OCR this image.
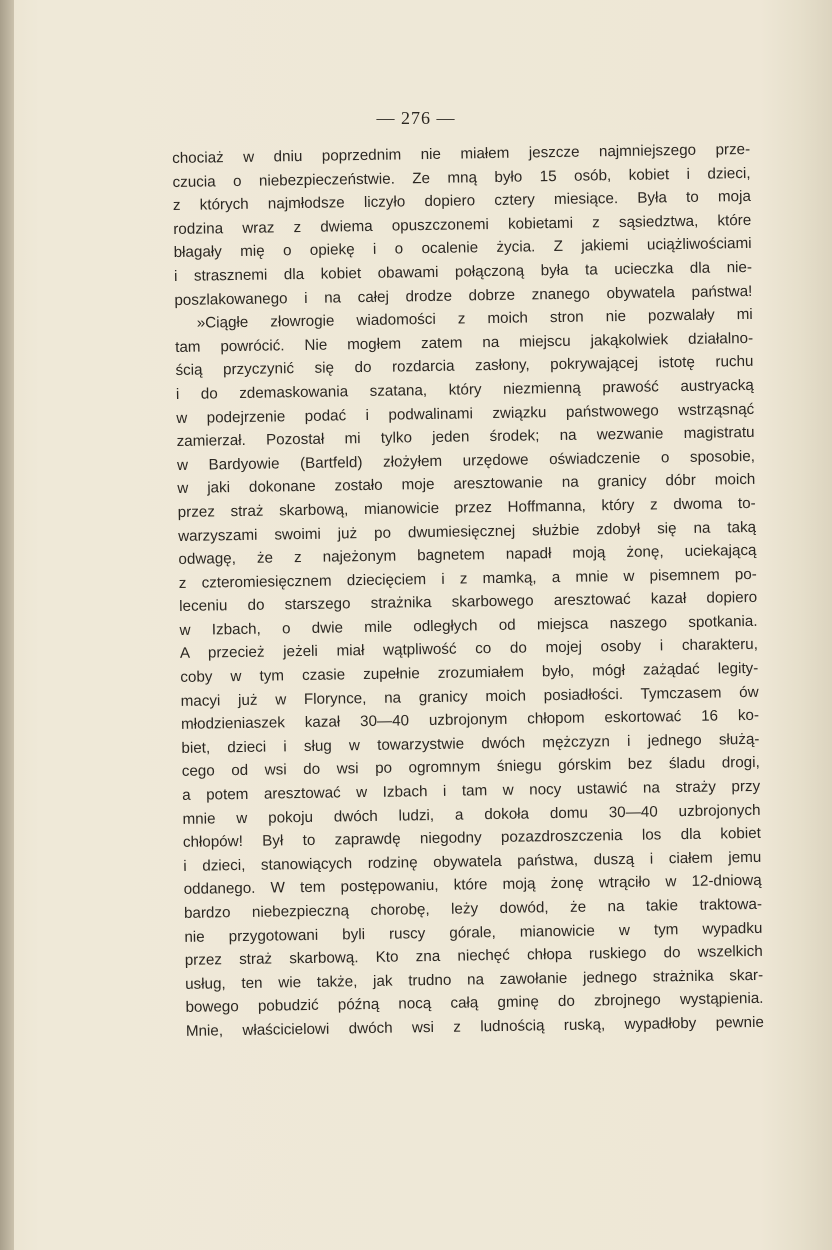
— 276 —
chociaż w dniu poprzednim nie miałem jeszcze najmniejszego prze-
czucia o niebezpieczeństwie. Ze mną było 15 osób, kobiet i dzieci,
z których najmłodsze liczyło dopiero cztery miesiące. Była to moja
rodzina wraz z dwiema opuszczonemi kobietami z sąsiedztwa, które
błagały mię o opiekę i o ocalenie życia. Z jakiemi uciążliwościami
i strasznemi dla kobiet obawami połączoną była ta ucieczka dla nie-
poszlakowanego i na całej drodze dobrze znanego obywatela państwa!
»Ciągłe złowrogie wiadomości z moich stron nie pozwalały mi
tam powrócić. Nie mogłem zatem na miejscu jakąkolwiek działalno-
ścią przyczynić się do rozdarcia zasłony, pokrywającej istotę ruchu
i do zdemaskowania szatana, który niezmienną prawość austryacką
w podejrzenie podać i podwalinami związku państwowego wstrząsnąć
zamierzał. Pozostał mi tylko jeden środek; na wezwanie magistratu
w Bardyowie (Bartfeld) złożyłem urzędowe oświadczenie o sposobie,
w jaki dokonane zostało moje aresztowanie na granicy dóbr moich
przez straż skarbową, mianowicie przez Hoffmanna, który z dwoma to-
warzyszami swoimi już po dwumiesięcznej służbie zdobył się na taką
odwagę, że z najeżonym bagnetem napadł moją żonę, uciekającą
z czteromiesięcznem dziecięciem i z mamką, a mnie w pisemnem po-
leceniu do starszego strażnika skarbowego aresztować kazał dopiero
w Izbach, o dwie mile odległych od miejsca naszego spotkania.
A przecież jeżeli miał wątpliwość co do mojej osoby i charakteru,
coby w tym czasie zupełnie zrozumiałem było, mógł zażądać legity-
macyi już w Florynce, na granicy moich posiadłości. Tymczasem ów
młodzieniaszek kazał 30—40 uzbrojonym chłopom eskortować 16 ko-
biet, dzieci i sług w towarzystwie dwóch mężczyzn i jednego służą-
cego od wsi do wsi po ogromnym śniegu górskim bez śladu drogi,
a potem aresztować w Izbach i tam w nocy ustawić na straży przy
mnie w pokoju dwóch ludzi, a dokoła domu 30—40 uzbrojonych
chłopów! Był to zaprawdę niegodny pozazdroszczenia los dla kobiet
i dzieci, stanowiących rodzinę obywatela państwa, duszą i ciałem jemu
oddanego. W tem postępowaniu, które moją żonę wtrąciło w 12-dniową
bardzo niebezpieczną chorobę, leży dowód, że na takie traktowa-
nie przygotowani byli ruscy górale, mianowicie w tym wypadku
przez straż skarbową. Kto zna niechęć chłopa ruskiego do wszelkich
usług, ten wie także, jak trudno na zawołanie jednego strażnika skar-
bowego pobudzić późną nocą całą gminę do zbrojnego wystąpienia.
Mnie, właścicielowi dwóch wsi z ludnością ruską, wypadłoby pewnie
